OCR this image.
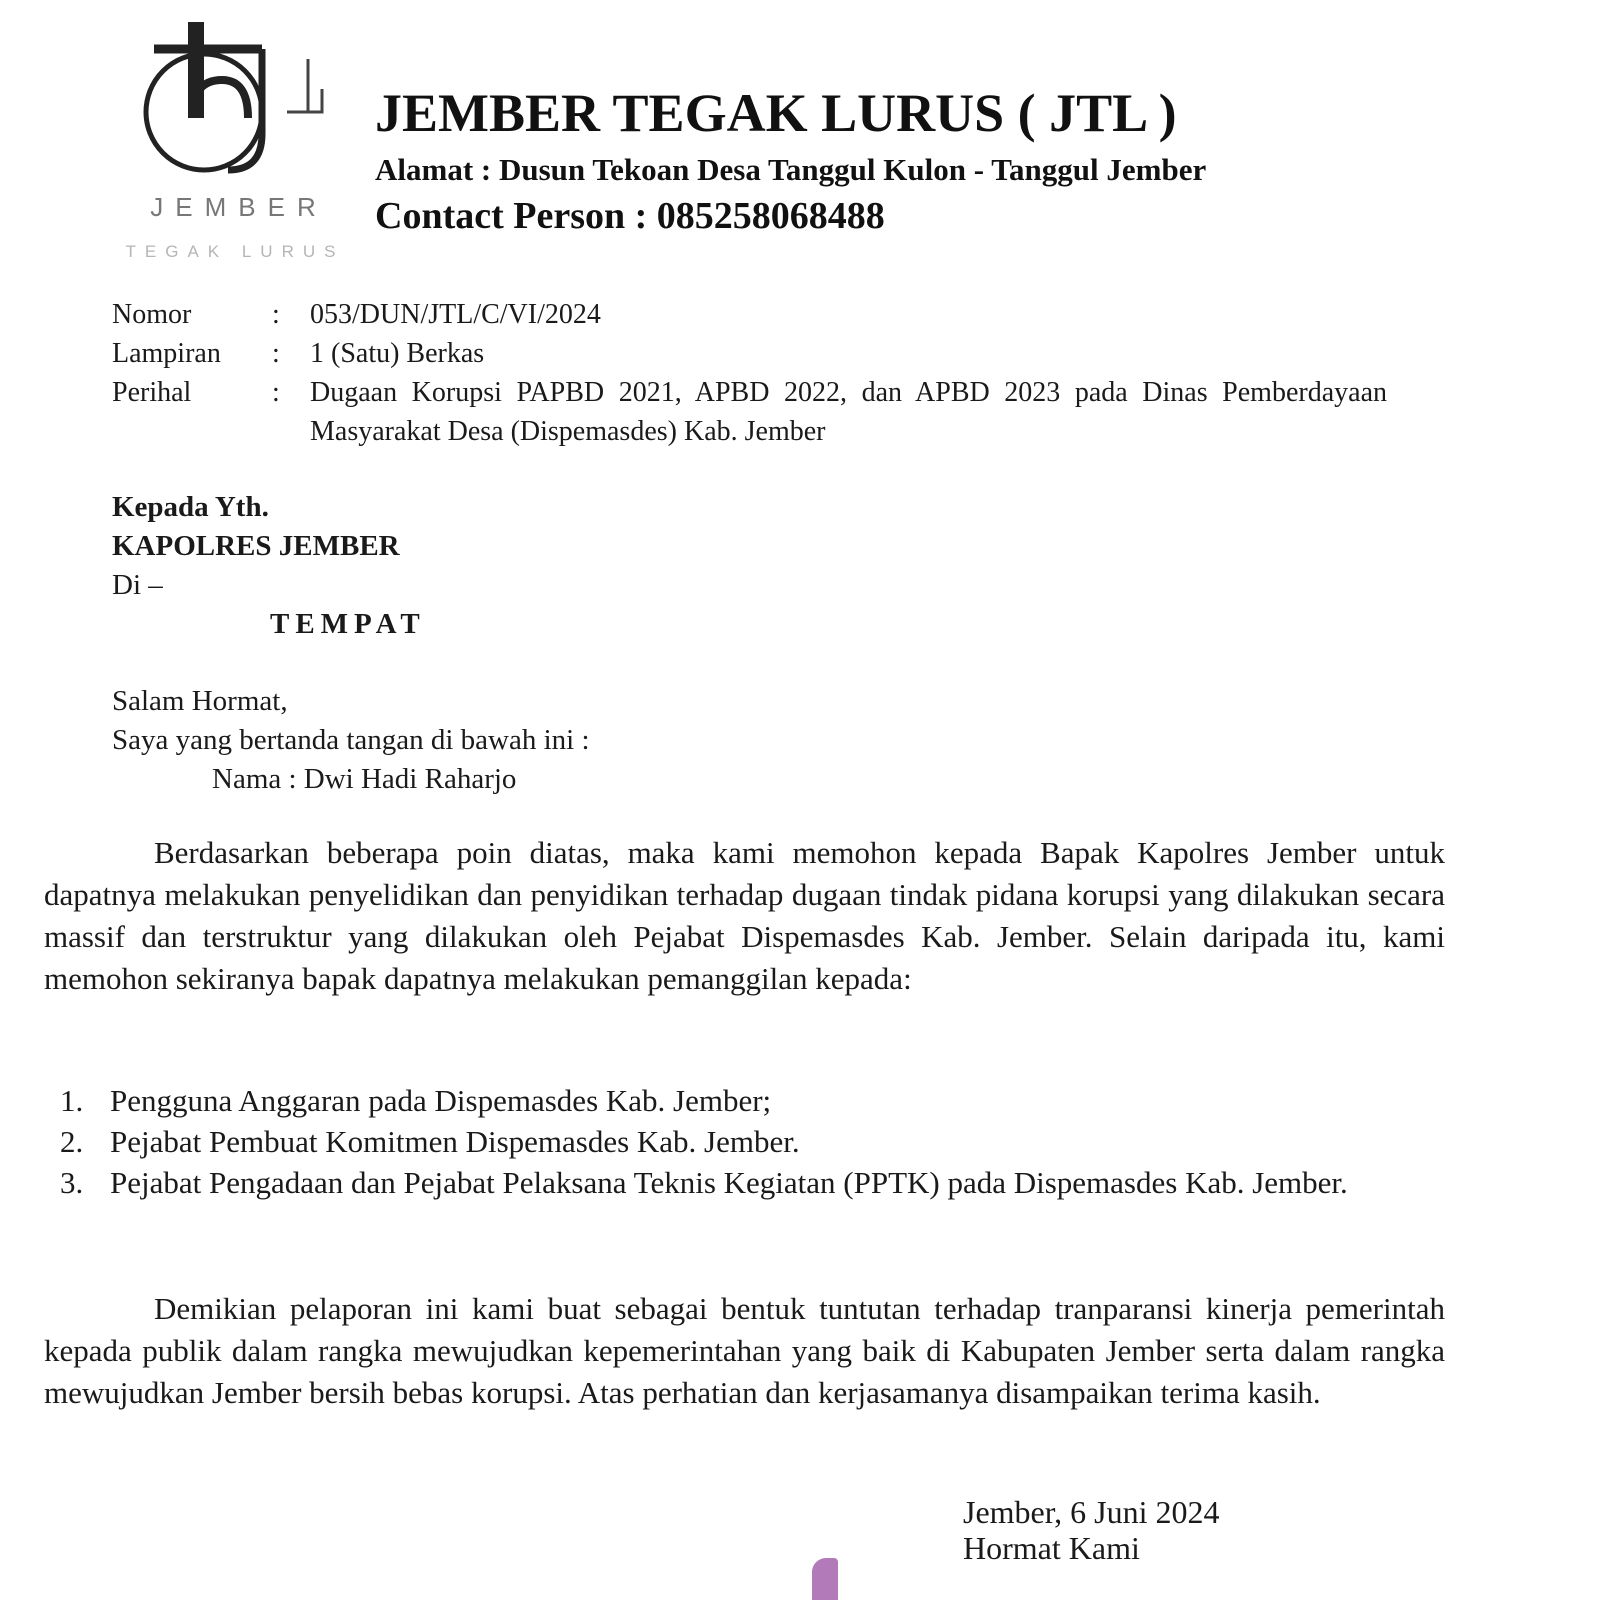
JEMBER
TEGAK LURUS
JEMBER TEGAK LURUS ( JTL )
Alamat : Dusun Tekoan Desa Tanggul Kulon - Tanggul Jember
Contact Person : 085258068488
Nomor	:	053/DUN/JTL/C/VI/2024
Lampiran	:	1 (Satu) Berkas
Perihal	:	Dugaan Korupsi PAPBD 2021, APBD 2022, dan APBD 2023 pada Dinas Pemberdayaan Masyarakat Desa (Dispemasdes) Kab. Jember
Kepada Yth.
KAPOLRES JEMBER
Di –
TEMPAT
Salam Hormat,
Saya yang bertanda tangan di bawah ini :
Nama : Dwi Hadi Raharjo
Berdasarkan beberapa poin diatas, maka kami memohon kepada Bapak Kapolres Jember untuk dapatnya melakukan penyelidikan dan penyidikan terhadap dugaan tindak pidana korupsi yang dilakukan secara massif dan terstruktur yang dilakukan oleh Pejabat Dispemasdes Kab. Jember. Selain daripada itu, kami memohon sekiranya bapak dapatnya melakukan pemanggilan kepada:
1. Pengguna Anggaran pada Dispemasdes Kab. Jember;
2. Pejabat Pembuat Komitmen Dispemasdes Kab. Jember.
3. Pejabat Pengadaan dan Pejabat Pelaksana Teknis Kegiatan (PPTK) pada Dispemasdes Kab. Jember.
Demikian pelaporan ini kami buat sebagai bentuk tuntutan terhadap tranparansi kinerja pemerintah kepada publik dalam rangka mewujudkan kepemerintahan yang baik di Kabupaten Jember serta dalam rangka mewujudkan Jember bersih bebas korupsi. Atas perhatian dan kerjasamanya disampaikan terima kasih.
Jember, 6 Juni 2024
Hormat Kami
